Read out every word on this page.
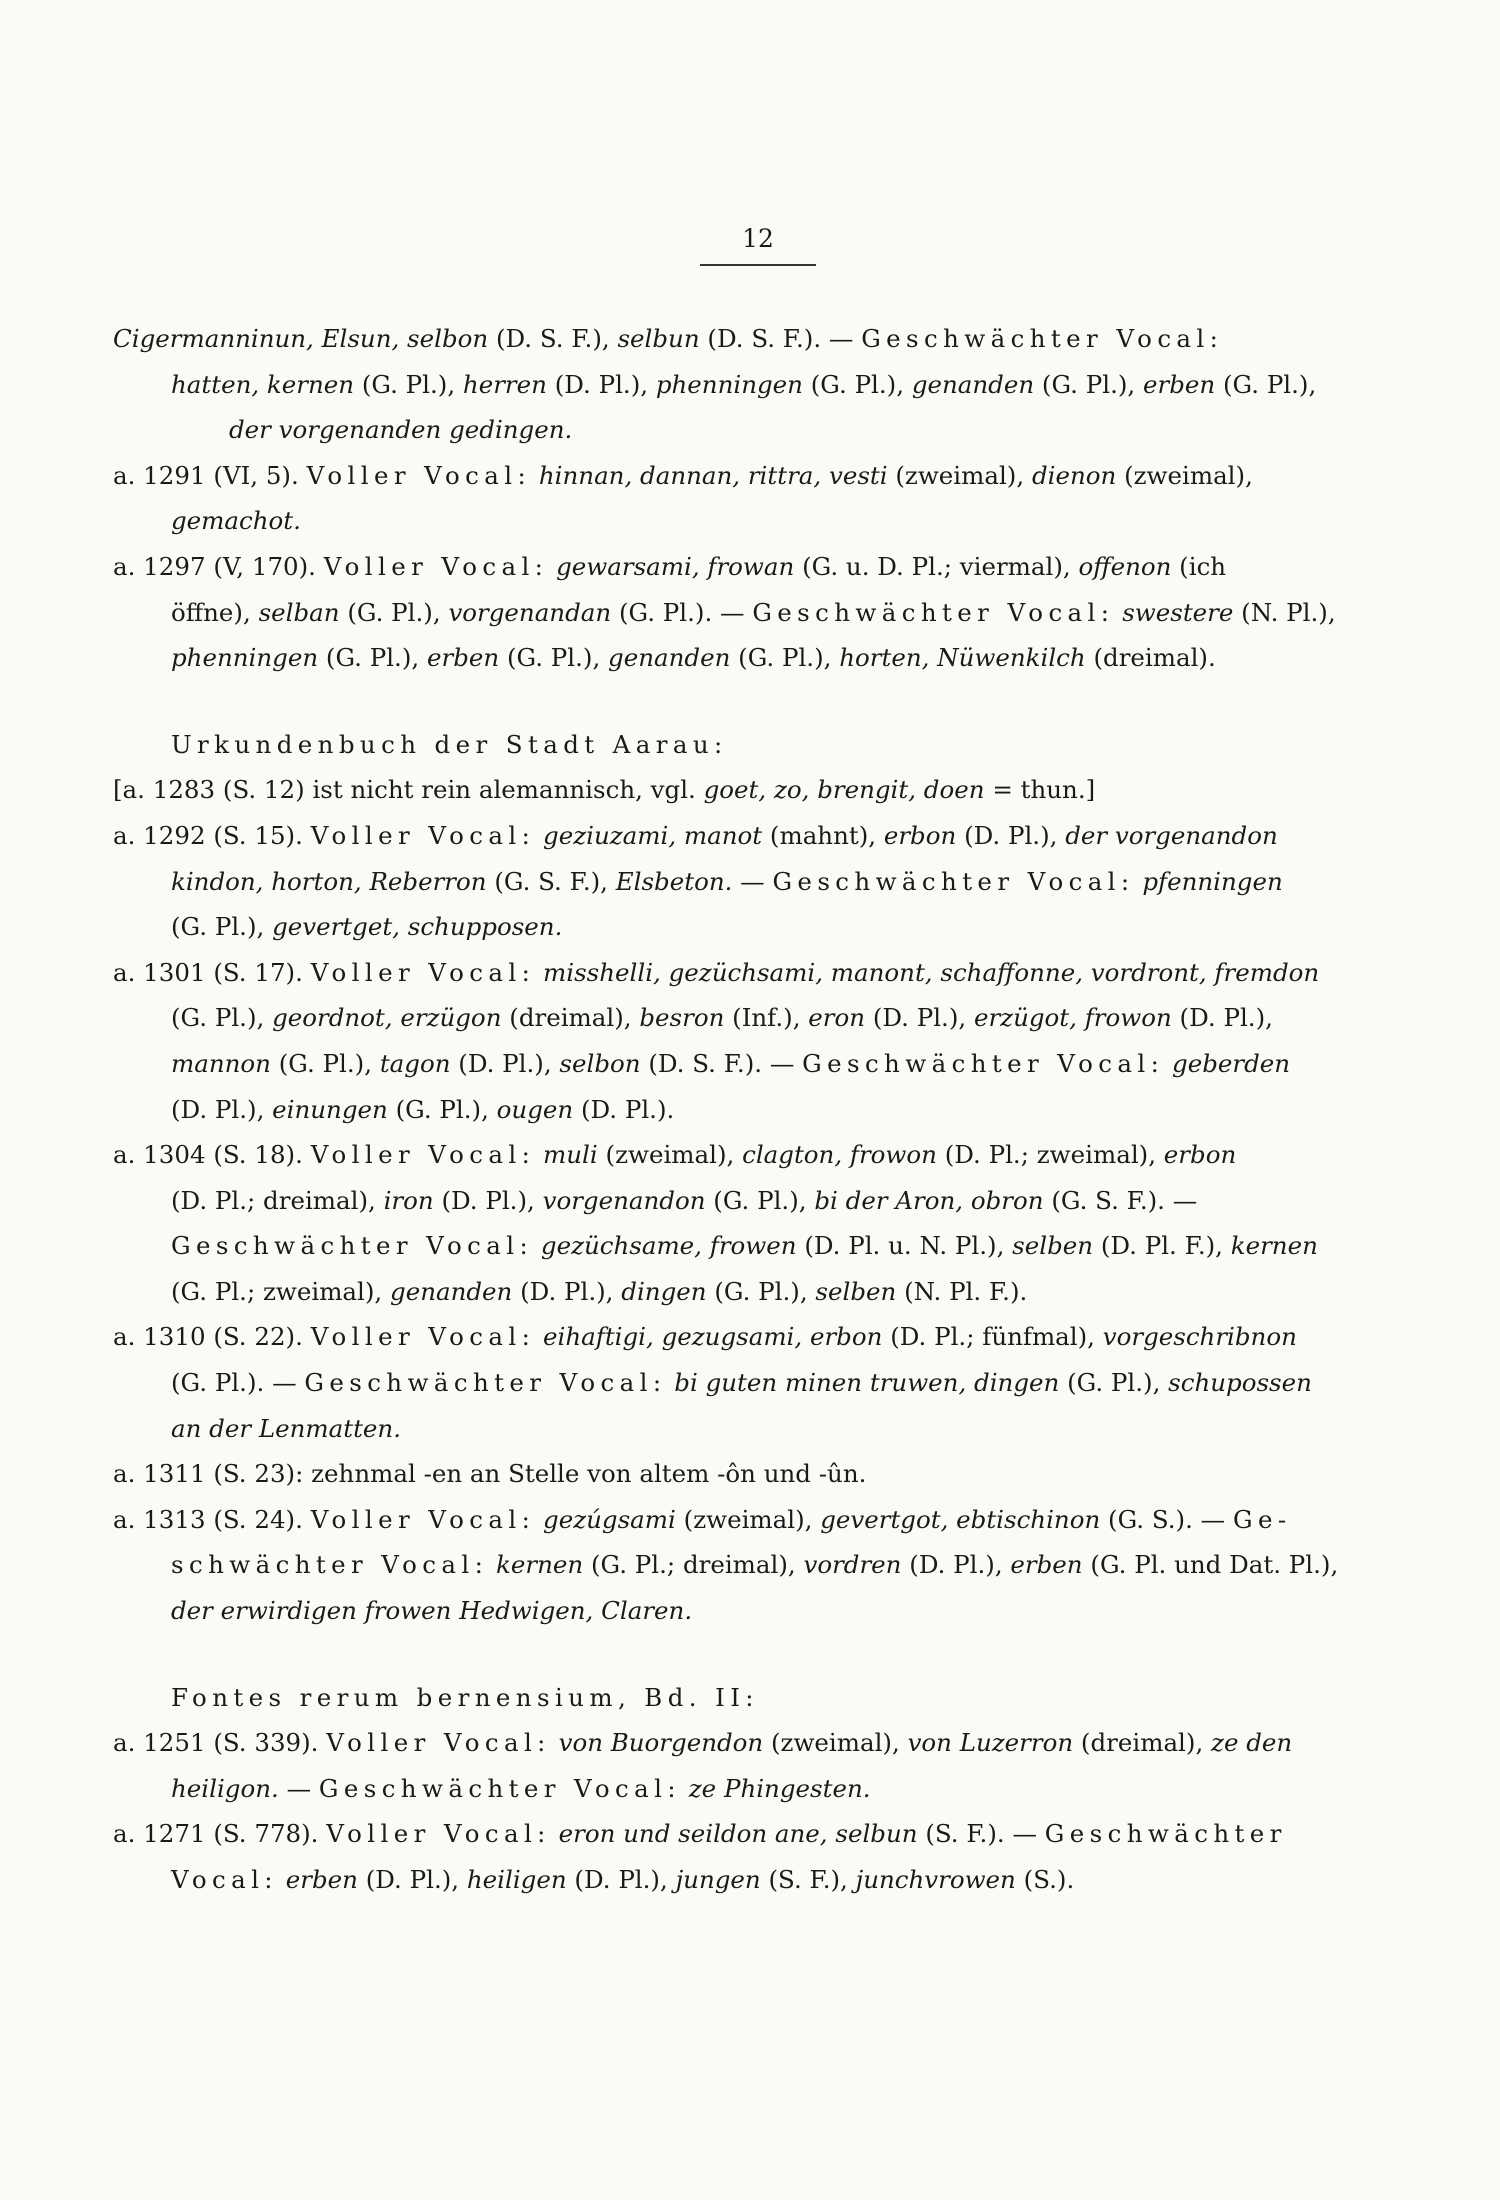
12

Cigermanninun, Elsun, selbon (D. S. F.), selbun (D. S. F.). — Geschwächter Vocal:
hatten, kernen (G. Pl.), herren (D. Pl.), phenningen (G. Pl.), genanden (G. Pl.), erben (G. Pl.),
der vorgenanden gedingen.

a. 1291 (VI, 5). Voller Vocal: hinnan, dannan, rittra, vesti (zweimal), dienon (zweimal),
gemachot.

a. 1297 (V, 170). Voller Vocal: gewarsami, frowan (G. u. D. Pl.; viermal), offenon (ich
öffne), selban (G. Pl.), vorgenandan (G. Pl.). — Geschwächter Vocal: swestere (N. Pl.),
phenningen (G. Pl.), erben (G. Pl.), genanden (G. Pl.), horten, Nüwenkilch (dreimal).

Urkundenbuch der Stadt Aarau:

[a. 1283 (S. 12) ist nicht rein alemannisch, vgl. goet, zo, brengit, doen = thun.]

a. 1292 (S. 15). Voller Vocal: geziuzami, manot (mahnt), erbon (D. Pl.), der vorgenandon
kindon, horton, Reberron (G. S. F.), Elsbeton. — Geschwächter Vocal: pfenningen
(G. Pl.), gevertget, schupposen.

a. 1301 (S. 17). Voller Vocal: misshelli, gezüchsami, manont, schaffonne, vordront, fremdon
(G. Pl.), geordnot, erzügon (dreimal), besron (Inf.), eron (D. Pl.), erzügot, frowon (D. Pl.),
mannon (G. Pl.), tagon (D. Pl.), selbon (D. S. F.). — Geschwächter Vocal: geberden
(D. Pl.), einungen (G. Pl.), ougen (D. Pl.).

a. 1304 (S. 18). Voller Vocal: muli (zweimal), clagton, frowon (D. Pl.; zweimal), erbon
(D. Pl.; dreimal), iron (D. Pl.), vorgenandon (G. Pl.), bi der Aron, obron (G. S. F.). —
Geschwächter Vocal: gezüchsame, frowen (D. Pl. u. N. Pl.), selben (D. Pl. F.), kernen
(G. Pl.; zweimal), genanden (D. Pl.), dingen (G. Pl.), selben (N. Pl. F.).

a. 1310 (S. 22). Voller Vocal: eihaftigi, gezugsami, erbon (D. Pl.; fünfmal), vorgeschribnon
(G. Pl.). — Geschwächter Vocal: bi guten minen truwen, dingen (G. Pl.), schupossen
an der Lenmatten.

a. 1311 (S. 23): zehnmal -en an Stelle von altem -ôn und -ûn.

a. 1313 (S. 24). Voller Vocal: gezúgsami (zweimal), gevertgot, ebtischinon (G. S.). — Ge-
schwächter Vocal: kernen (G. Pl.; dreimal), vordren (D. Pl.), erben (G. Pl. und Dat. Pl.),
der erwirdigen frowen Hedwigen, Claren.

Fontes rerum bernensium, Bd. II:

a. 1251 (S. 339). Voller Vocal: von Buorgendon (zweimal), von Luzerron (dreimal), ze den
heiligon. — Geschwächter Vocal: ze Phingesten.

a. 1271 (S. 778). Voller Vocal: eron und seildon ane, selbun (S. F.). — Geschwächter
Vocal: erben (D. Pl.), heiligen (D. Pl.), jungen (S. F.), junchvrowen (S.).
